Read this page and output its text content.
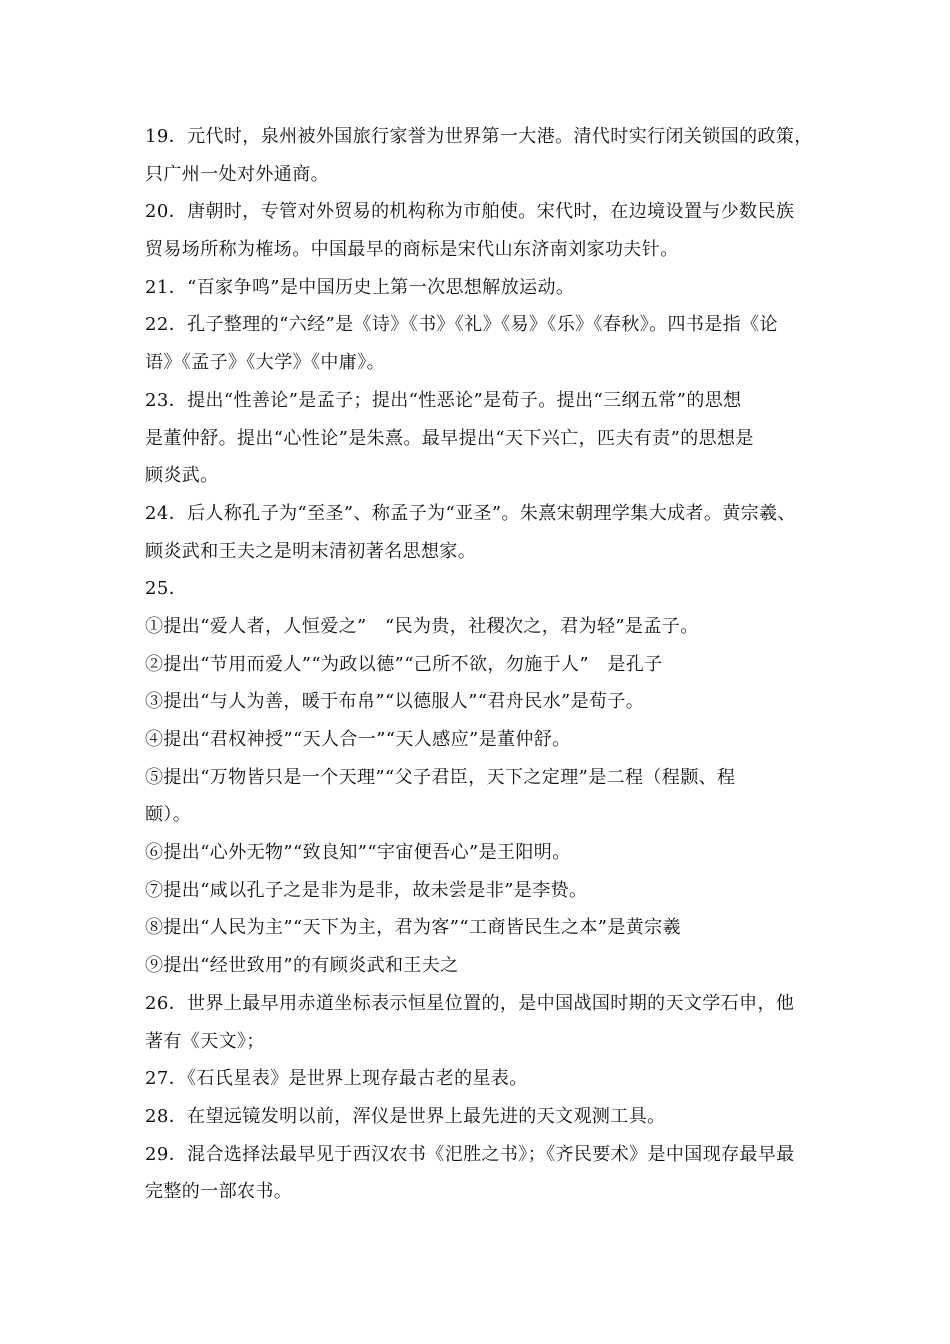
19．元代时，泉州被外国旅行家誉为世界第一大港。清代时实行闭关锁国的政策，
只广州一处对外通商。
20．唐朝时，专管对外贸易的机构称为市舶使。宋代时，在边境设置与少数民族
贸易场所称为榷场。中国最早的商标是宋代山东济南刘家功夫针。
21．“百家争鸣”是中国历史上第一次思想解放运动。
22．孔子整理的“六经”是《诗》《书》《礼》《易》《乐》《春秋》。四书是指《论
语》《孟子》《大学》《中庸》。
23．提出“性善论”是孟子；提出“性恶论”是荀子。提出“三纲五常”的思想
是董仲舒。提出“心性论”是朱熹。最早提出“天下兴亡，匹夫有责”的思想是
顾炎武。
24．后人称孔子为“至圣”、称孟子为“亚圣”。朱熹宋朝理学集大成者。黄宗羲、
顾炎武和王夫之是明末清初著名思想家。
25．
①提出“爱人者，人恒爱之”　“民为贵，社稷次之，君为轻”是孟子。
②提出“节用而爱人”“为政以德”“己所不欲，勿施于人”　是孔子
③提出“与人为善，暖于布帛”“以德服人”“君舟民水”是荀子。
④提出“君权神授”“天人合一”“天人感应”是董仲舒。
⑤提出“万物皆只是一个天理”“父子君臣，天下之定理”是二程（程颢、程
颐）。
⑥提出“心外无物”“致良知”“宇宙便吾心”是王阳明。
⑦提出“咸以孔子之是非为是非，故未尝是非”是李贽。
⑧提出“人民为主”“天下为主，君为客”“工商皆民生之本”是黄宗羲
⑨提出“经世致用”的有顾炎武和王夫之
26．世界上最早用赤道坐标表示恒星位置的，是中国战国时期的天文学石申，他
著有《天文》；
27．《石氏星表》是世界上现存最古老的星表。
28．在望远镜发明以前，浑仪是世界上最先进的天文观测工具。
29．混合选择法最早见于西汉农书《汜胜之书》；《齐民要术》是中国现存最早最
完整的一部农书。
